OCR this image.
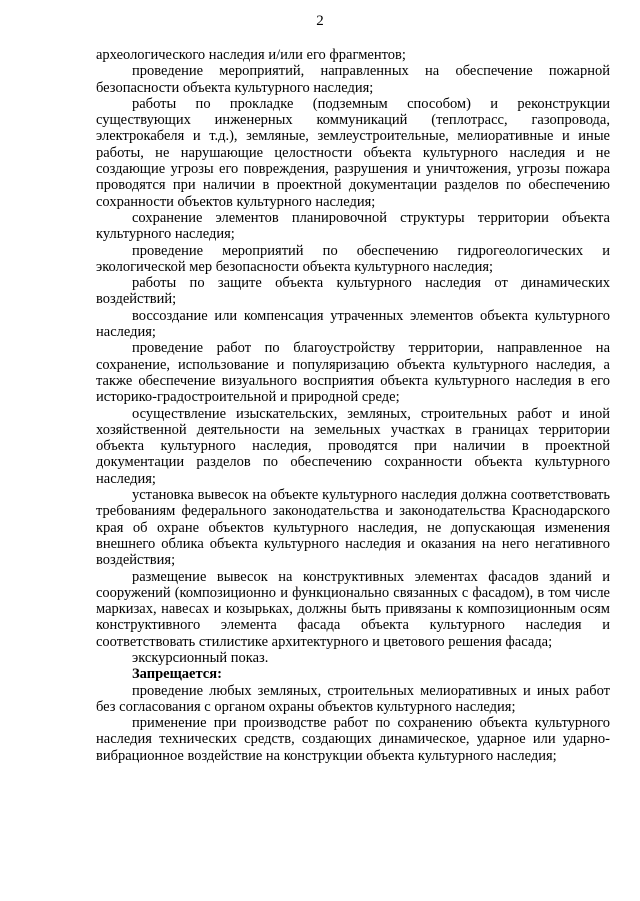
2

археологического наследия и/или его фрагментов;

проведение мероприятий, направленных на обеспечение пожарной безопасности объекта культурного наследия;

работы по прокладке (подземным способом) и реконструкции существующих инженерных коммуникаций (теплотрасс, газопровода, электрокабеля и т.д.), земляные, землеустроительные, мелиоративные и иные работы, не нарушающие целостности объекта культурного наследия и не создающие угрозы его повреждения, разрушения и уничтожения, угрозы пожара проводятся при наличии в проектной документации разделов по обеспечению сохранности объектов культурного наследия;

сохранение элементов планировочной структуры территории объекта культурного наследия;

проведение мероприятий по обеспечению гидрогеологических и экологической мер безопасности объекта культурного наследия;

работы по защите объекта культурного наследия от динамических воздействий;

воссоздание или компенсация утраченных элементов объекта культурного наследия;

проведение работ по благоустройству территории, направленное на сохранение, использование и популяризацию объекта культурного наследия, а также обеспечение визуального восприятия объекта культурного наследия в его историко-градостроительной и природной среде;

осуществление изыскательских, земляных, строительных работ и иной хозяйственной деятельности на земельных участках в границах территории объекта культурного наследия, проводятся при наличии в проектной документации разделов по обеспечению сохранности объекта культурного наследия;

установка вывесок на объекте культурного наследия должна соответствовать требованиям федерального законодательства и законодательства Краснодарского края об охране объектов культурного наследия, не допускающая изменения внешнего облика объекта культурного наследия и оказания на него негативного воздействия;

размещение вывесок на конструктивных элементах фасадов зданий и сооружений (композиционно и функционально связанных с фасадом), в том числе маркизах, навесах и козырьках, должны быть привязаны к композиционным осям конструктивного элемента фасада объекта культурного наследия и соответствовать стилистике архитектурного и цветового решения фасада;

экскурсионный показ.

Запрещается:

проведение любых земляных, строительных мелиоративных и иных работ без согласования с органом охраны объектов культурного наследия;

применение при производстве работ по сохранению объекта культурного наследия технических средств, создающих динамическое, ударное или ударно-вибрационное воздействие на конструкции объекта культурного наследия;
